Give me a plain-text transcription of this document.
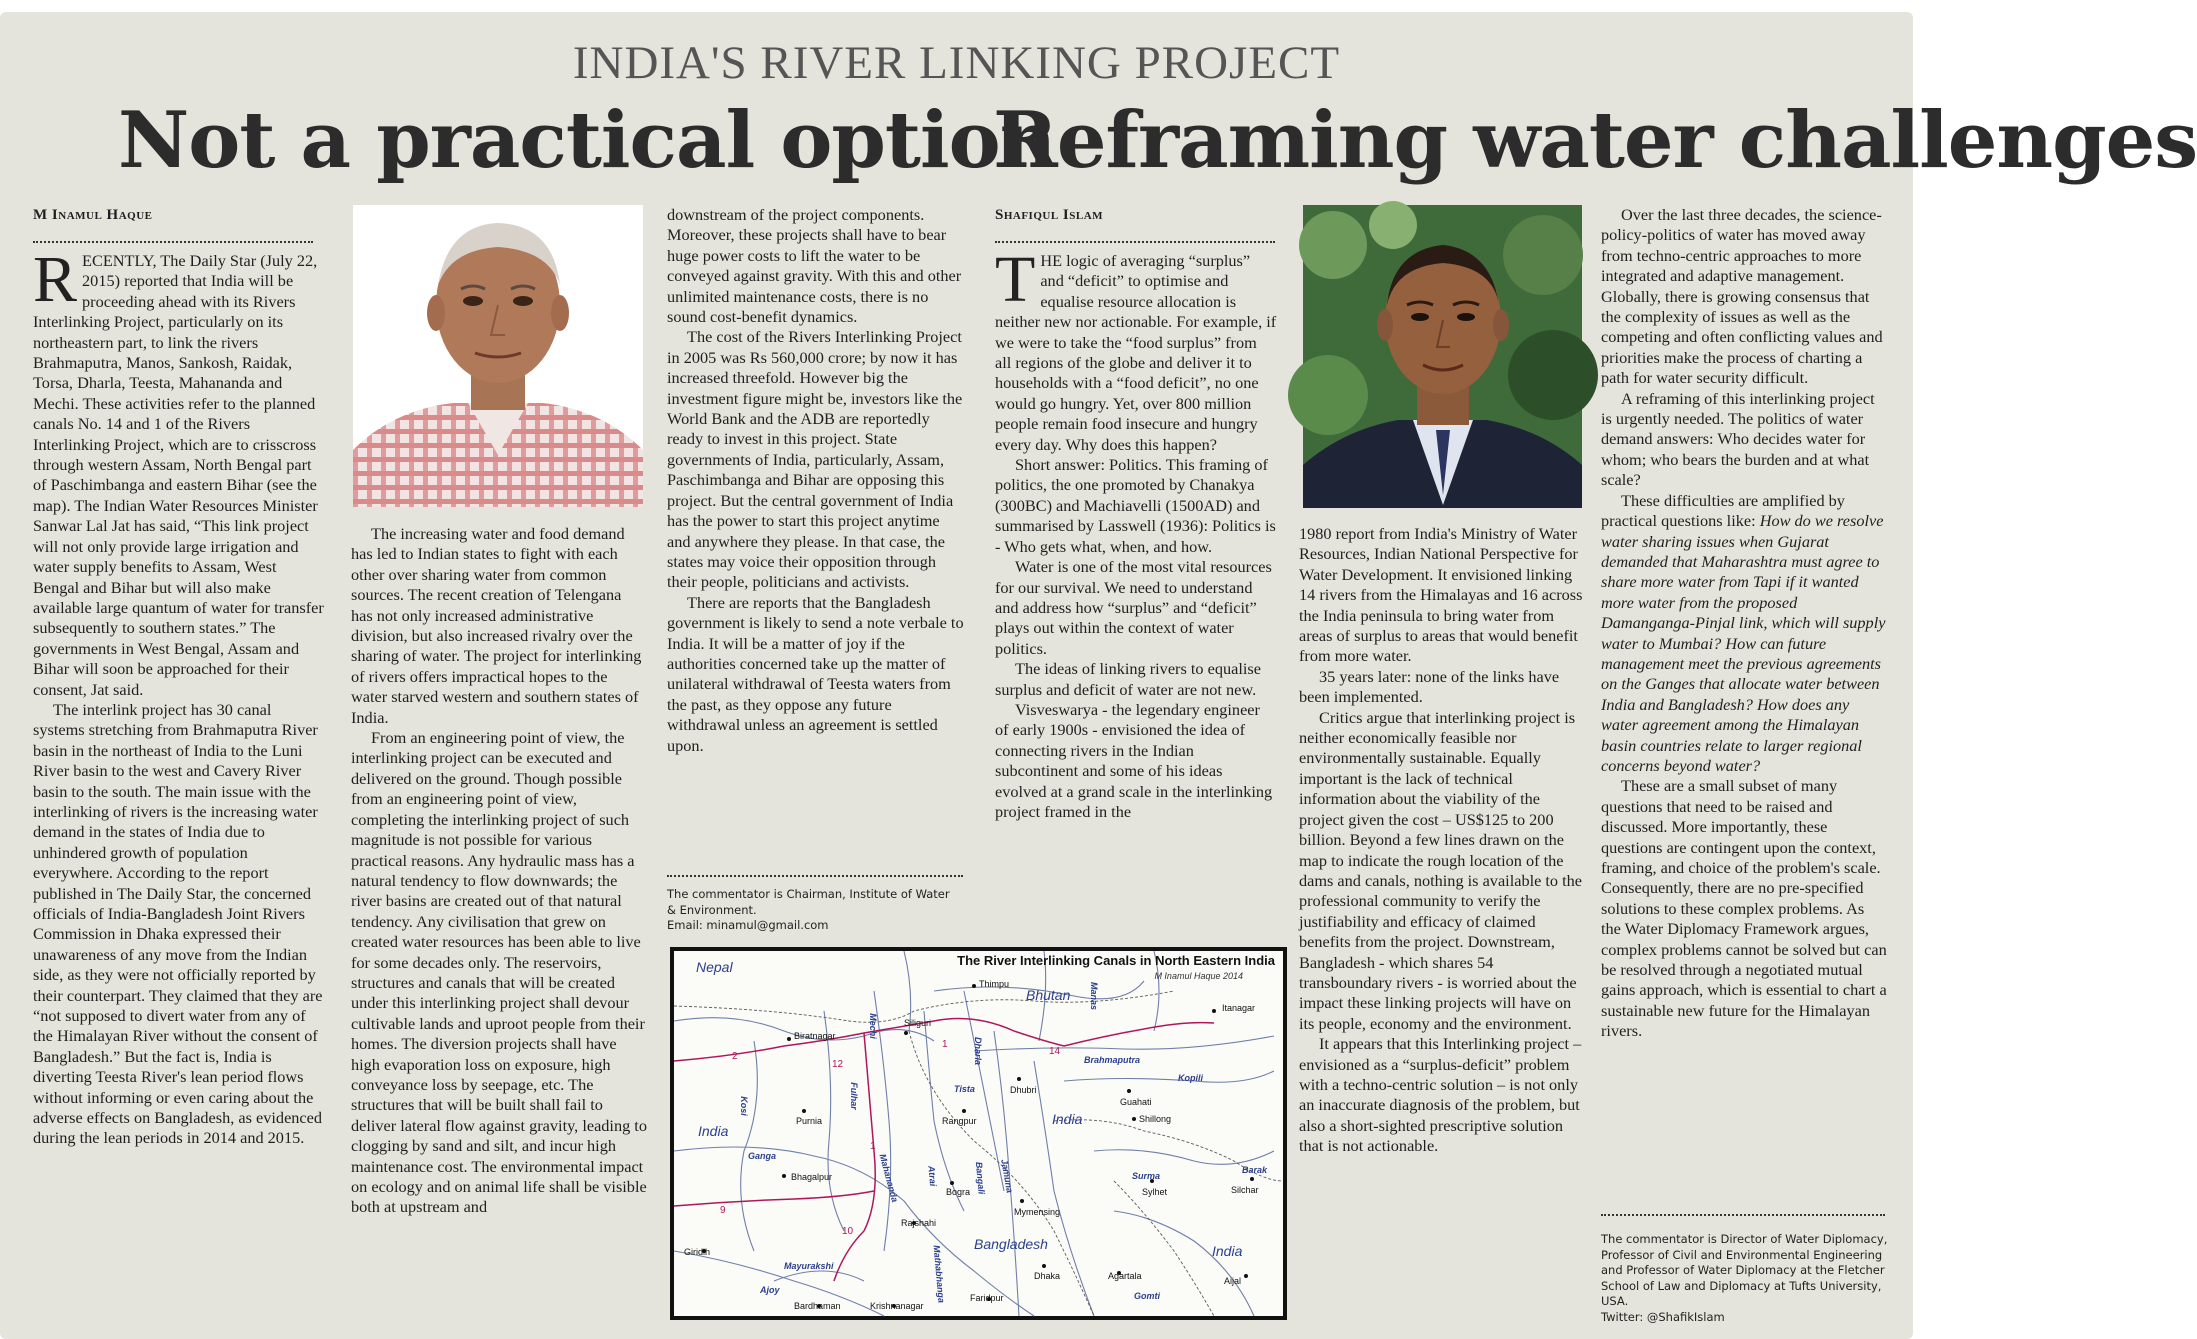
INDIA'S RIVER LINKING PROJECT
Not a practical option
Reframing water challenges
M Inamul Haque

RECENTLY, The Daily Star (July 22, 2015) reported that India will be proceeding ahead with its Rivers Interlinking Project, particularly on its northeastern part, to link the rivers Brahmaputra, Manos, Sankosh, Raidak, Torsa, Dharla, Teesta, Mahananda and Mechi. These activities refer to the planned canals No. 14 and 1 of the Rivers Interlinking Project, which are to crisscross through western Assam, North Bengal part of Paschimbanga and eastern Bihar (see the map). The Indian Water Resources Minister Sanwar Lal Jat has said, “This link project will not only provide large irrigation and water supply benefits to Assam, West Bengal and Bihar but will also make available large quantum of water for transfer subsequently to southern states.” The governments in West Bengal, Assam and Bihar will soon be approached for their consent, Jat said.

The interlink project has 30 canal systems stretching from Brahmaputra River basin in the northeast of India to the Luni River basin to the west and Cavery River basin to the south. The main issue with the interlinking of rivers is the increasing water demand in the states of India due to unhindered growth of population everywhere. According to the report published in The Daily Star, the concerned officials of India-Bangladesh Joint Rivers Commission in Dhaka expressed their unawareness of any move from the Indian side, as they were not officially reported by their counterpart. They claimed that they are “not supposed to divert water from any of the Himalayan River without the consent of Bangladesh.” But the fact is, India is diverting Teesta River's lean period flows without informing or even caring about the adverse effects on Bangladesh, as evidenced during the lean periods in 2014 and 2015.

The increasing water and food demand has led to Indian states to fight with each other over sharing water from common sources. The recent creation of Telengana has not only increased administrative division, but also increased rivalry over the sharing of water. The project for interlinking of rivers offers impractical hopes to the water starved western and southern states of India.

From an engineering point of view, the interlinking project can be executed and delivered on the ground. Though possible from an engineering point of view, completing the interlinking project of such magnitude is not possible for various practical reasons. Any hydraulic mass has a natural tendency to flow downwards; the river basins are created out of that natural tendency. Any civilisation that grew on created water resources has been able to live for some decades only. The reservoirs, structures and canals that will be created under this interlinking project shall devour cultivable lands and uproot people from their homes. The diversion projects shall have high evaporation loss on exposure, high conveyance loss by seepage, etc. The structures that will be built shall fail to deliver lateral flow against gravity, leading to clogging by sand and silt, and incur high maintenance cost. The environmental impact on ecology and on animal life shall be visible both at upstream and

downstream of the project components. Moreover, these projects shall have to bear huge power costs to lift the water to be conveyed against gravity. With this and other unlimited maintenance costs, there is no sound cost-benefit dynamics.

The cost of the Rivers Interlinking Project in 2005 was Rs 560,000 crore; by now it has increased threefold. However big the investment figure might be, investors like the World Bank and the ADB are reportedly ready to invest in this project. State governments of India, particularly, Assam, Paschimbanga and Bihar are opposing this project. But the central government of India has the power to start this project anytime and anywhere they please. In that case, the states may voice their opposition through their people, politicians and activists.

There are reports that the Bangladesh government is likely to send a note verbale to India. It will be a matter of joy if the authorities concerned take up the matter of unilateral withdrawal of Teesta waters from the past, as they oppose any future withdrawal unless an agreement is settled upon.

The commentator is Chairman, Institute of Water & Environment.
Email: minamul@gmail.com
The River Interlinking Canals in North Eastern India
M Inamul Haque 2014
Nepal
Bhutan
India
India
Bangladesh	India
Biratnagar
Siliguri
Thimpu
Itanagar
Dhubri
Guahati
Shillong
Purnia	Rangpur
Bhagalpur
Bogra	Sylhet	Silchar
Mymensing
Rajshahi
Giridih
Dhaka	Agartala	Aijal
Bardhaman	Krishnanagar
Faridpur
Mechi
Dharla
Manas
Brahmaputra
Kopili
Tista
Kosi
Ganga
Fulhar
Mahananda	Atrai	Bangali Jamuna	Surma
Barak
Mayurakshi
Ajoy
Gomti
Mathabhanga
2
12
1
14
1
9
10
Shafiqul Islam

THE logic of averaging “surplus” and “deficit” to optimise and equalise resource allocation is neither new nor actionable. For example, if we were to take the “food surplus” from all regions of the globe and deliver it to households with a “food deficit”, no one would go hungry. Yet, over 800 million people remain food insecure and hungry every day. Why does this happen?

Short answer: Politics. This framing of politics, the one promoted by Chanakya (300BC) and Machiavelli (1500AD) and summarised by Lasswell (1936): Politics is - Who gets what, when, and how.

Water is one of the most vital resources for our survival. We need to understand and address how “surplus” and “deficit” plays out within the context of water politics.

The ideas of linking rivers to equalise surplus and deficit of water are not new.

Visveswarya - the legendary engineer of early 1900s - envisioned the idea of connecting rivers in the Indian subcontinent and some of his ideas evolved at a grand scale in the interlinking project framed in the

1980 report from India's Ministry of Water Resources, Indian National Perspective for Water Development. It envisioned linking 14 rivers from the Himalayas and 16 across the India peninsula to bring water from areas of surplus to areas that would benefit from more water.

35 years later: none of the links have been implemented.

Critics argue that interlinking project is neither economically feasible nor environmentally sustainable. Equally important is the lack of technical information about the viability of the project given the cost – US$125 to 200 billion. Beyond a few lines drawn on the map to indicate the rough location of the dams and canals, nothing is available to the professional community to verify the justifiability and efficacy of claimed benefits from the project. Downstream, Bangladesh - which shares 54 transboundary rivers - is worried about the impact these linking projects will have on its people, economy and the environment.

It appears that this Interlinking project – envisioned as a “surplus-deficit” problem with a techno-centric solution – is not only an inaccurate diagnosis of the problem, but also a short-sighted prescriptive solution that is not actionable.

Over the last three decades, the science-policy-politics of water has moved away from techno-centric approaches to more integrated and adaptive management. Globally, there is growing consensus that the complexity of issues as well as the competing and often conflicting values and priorities make the process of charting a path for water security difficult.

A reframing of this interlinking project is urgently needed. The politics of water demand answers: Who decides water for whom; who bears the burden and at what scale?

These difficulties are amplified by practical questions like: How do we resolve water sharing issues when Gujarat demanded that Maharashtra must agree to share more water from Tapi if it wanted more water from the proposed Damanganga-Pinjal link, which will supply water to Mumbai? How can future management meet the previous agreements on the Ganges that allocate water between India and Bangladesh? How does any water agreement among the Himalayan basin countries relate to larger regional concerns beyond water?

These are a small subset of many questions that need to be raised and discussed. More importantly, these questions are contingent upon the context, framing, and choice of the problem's scale. Consequently, there are no pre-specified solutions to these complex problems. As the Water Diplomacy Framework argues, complex problems cannot be solved but can be resolved through a negotiated mutual gains approach, which is essential to chart a sustainable new future for the Himalayan rivers.

The commentator is Director of Water Diplomacy, Professor of Civil and Environmental Engineering and Professor of Water Diplomacy at the Fletcher School of Law and Diplomacy at Tufts University, USA.
Twitter: @ShafikIslam
